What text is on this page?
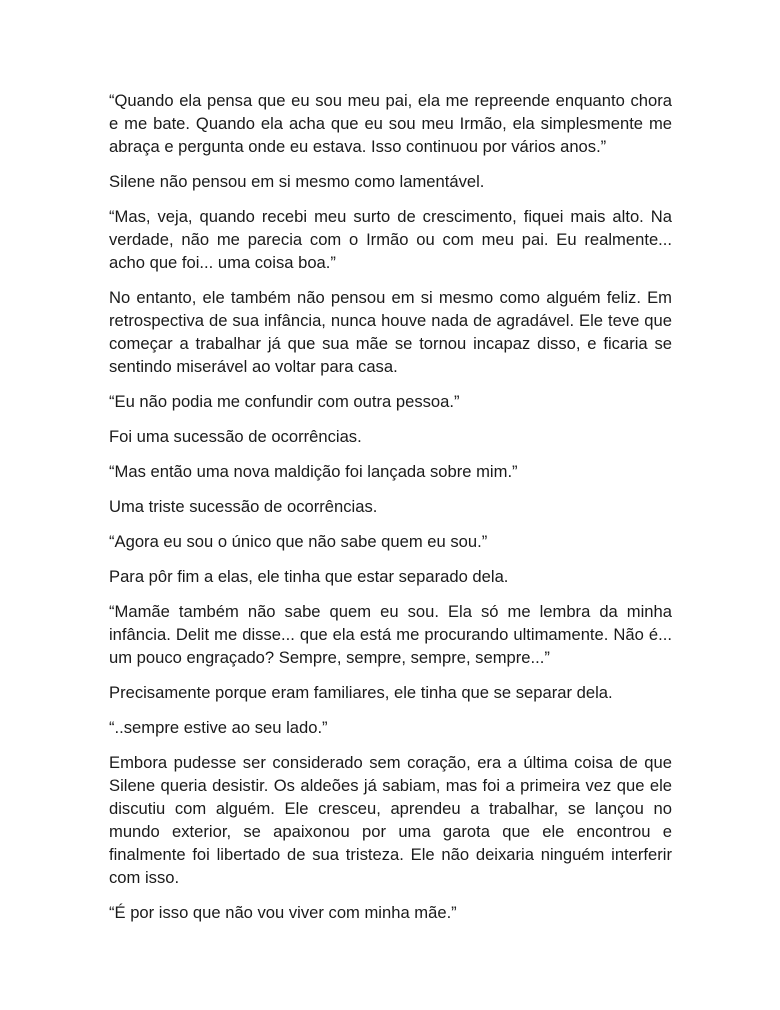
“Quando ela pensa que eu sou meu pai, ela me repreende enquanto chora e me bate. Quando ela acha que eu sou meu Irmão, ela simplesmente me abraça e pergunta onde eu estava. Isso continuou por vários anos.”

Silene não pensou em si mesmo como lamentável.

“Mas, veja, quando recebi meu surto de crescimento, fiquei mais alto. Na verdade, não me parecia com o Irmão ou com meu pai. Eu realmente... acho que foi... uma coisa boa.”

No entanto, ele também não pensou em si mesmo como alguém feliz. Em retrospectiva de sua infância, nunca houve nada de agradável. Ele teve que começar a trabalhar já que sua mãe se tornou incapaz disso, e ficaria se sentindo miserável ao voltar para casa.

“Eu não podia me confundir com outra pessoa.”

Foi uma sucessão de ocorrências.

“Mas então uma nova maldição foi lançada sobre mim.”

Uma triste sucessão de ocorrências.

“Agora eu sou o único que não sabe quem eu sou.”

Para pôr fim a elas, ele tinha que estar separado dela.

“Mamãe também não sabe quem eu sou. Ela só me lembra da minha infância. Delit me disse... que ela está me procurando ultimamente. Não é... um pouco engraçado? Sempre, sempre, sempre, sempre...”

Precisamente porque eram familiares, ele tinha que se separar dela.

“..sempre estive ao seu lado.”

Embora pudesse ser considerado sem coração, era a última coisa de que Silene queria desistir. Os aldeões já sabiam, mas foi a primeira vez que ele discutiu com alguém. Ele cresceu, aprendeu a trabalhar, se lançou no mundo exterior, se apaixonou por uma garota que ele encontrou e finalmente foi libertado de sua tristeza. Ele não deixaria ninguém interferir com isso.

“É por isso que não vou viver com minha mãe.”
